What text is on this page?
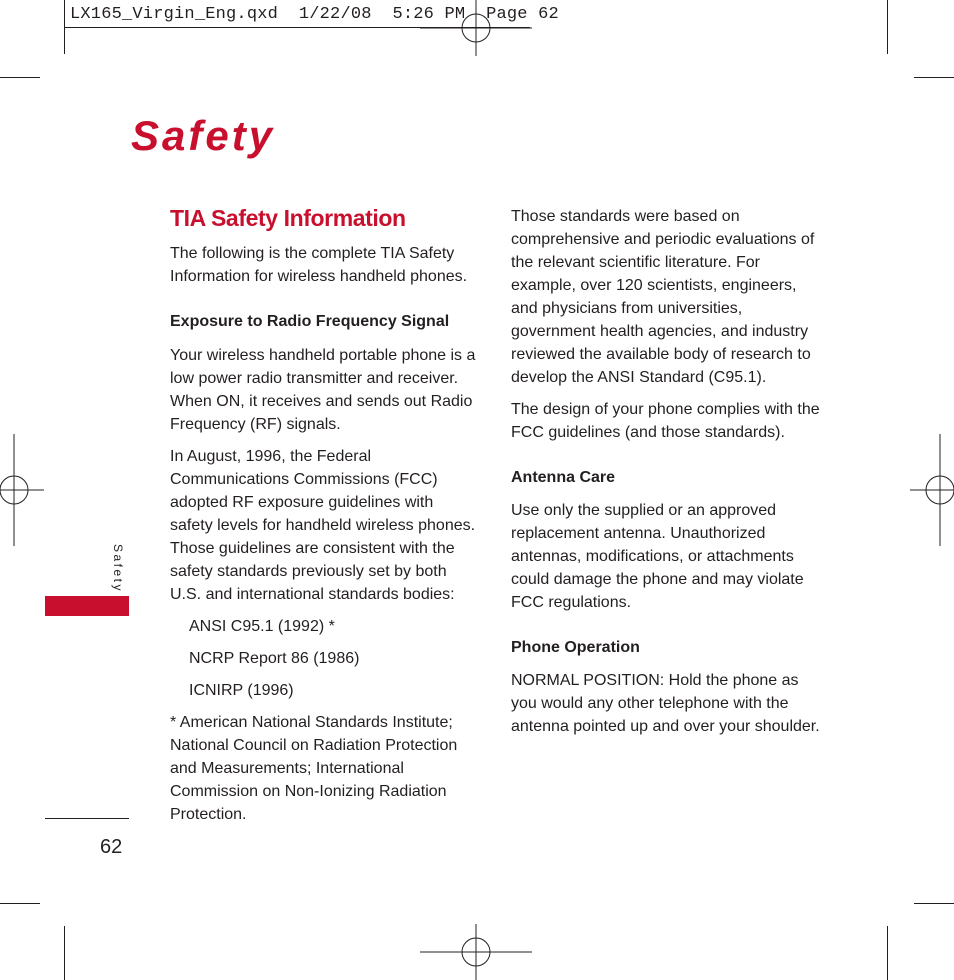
LX165_Virgin_Eng.qxd  1/22/08  5:26 PM  Page 62
Safety
Safety
62
TIA Safety Information

The following is the complete TIA Safety Information for wireless handheld phones.

Exposure to Radio Frequency Signal

Your wireless handheld portable phone is a low power radio transmitter and receiver. When ON, it receives and sends out Radio Frequency (RF) signals.

In August, 1996, the Federal Communications Commissions (FCC) adopted RF exposure guidelines with safety levels for handheld wireless phones. Those guidelines are consistent with the safety standards previously set by both U.S. and international standards bodies:

ANSI C95.1 (1992) *

NCRP Report 86 (1986)

ICNIRP (1996)

* American National Standards Institute; National Council on Radiation Protection and Measurements; International Commission on Non-Ionizing Radiation Protection.

Those standards were based on comprehensive and periodic evaluations of the relevant scientific literature. For example, over 120 scientists, engineers, and physicians from universities, government health agencies, and industry reviewed the available body of research to develop the ANSI Standard (C95.1).

The design of your phone complies with the FCC guidelines (and those standards).

Antenna Care

Use only the supplied or an approved replacement antenna. Unauthorized antennas, modifications, or attachments could damage the phone and may violate FCC regulations.

Phone Operation

NORMAL POSITION: Hold the phone as you would any other telephone with the antenna pointed up and over your shoulder.
